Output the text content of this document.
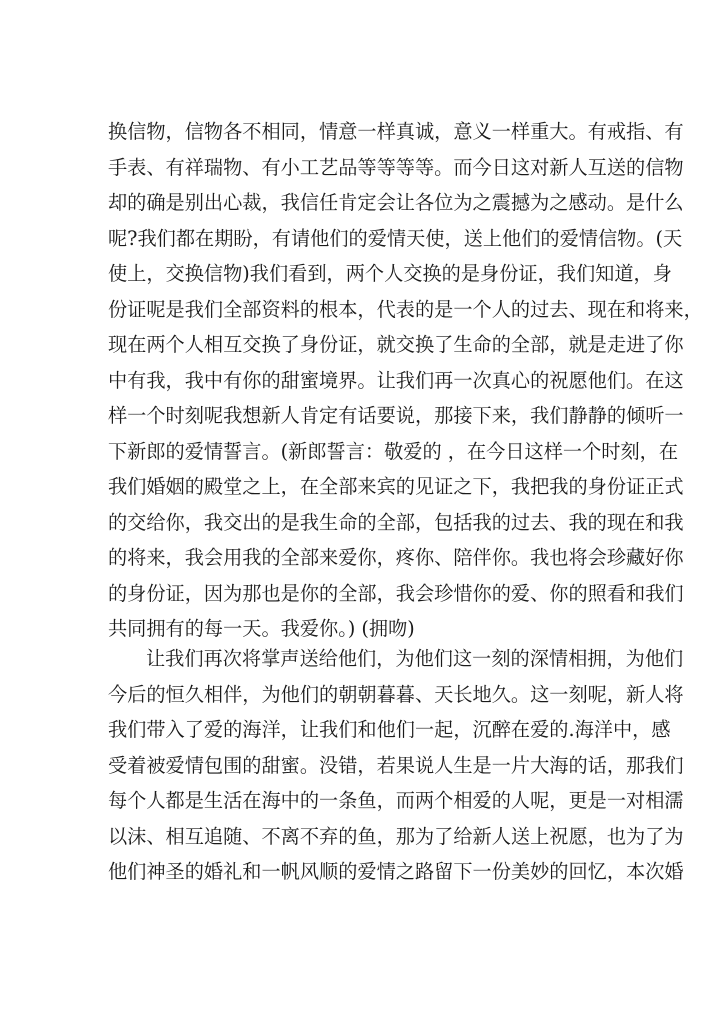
换信物，信物各不相同，情意一样真诚，意义一样重大。有戒指、有
手表、有祥瑞物、有小工艺品等等等等。而今日这对新人互送的信物
却的确是别出心裁，我信任肯定会让各位为之震撼为之感动。是什么
呢?我们都在期盼，有请他们的爱情天使，送上他们的爱情信物。(天
使上，交换信物)我们看到，两个人交换的是身份证，我们知道，身
份证呢是我们全部资料的根本，代表的是一个人的过去、现在和将来，
现在两个人相互交换了身份证，就交换了生命的全部，就是走进了你
中有我，我中有你的甜蜜境界。让我们再一次真心的祝愿他们。在这
样一个时刻呢我想新人肯定有话要说，那接下来，我们静静的倾听一
下新郎的爱情誓言。(新郎誓言：敬爱的 ，在今日这样一个时刻，在
我们婚姻的殿堂之上，在全部来宾的见证之下，我把我的身份证正式
的交给你，我交出的是我生命的全部，包括我的过去、我的现在和我
的将来，我会用我的全部来爱你，疼你、陪伴你。我也将会珍藏好你
的身份证，因为那也是你的全部，我会珍惜你的爱、你的照看和我们
共同拥有的每一天。我爱你。) (拥吻)
让我们再次将掌声送给他们，为他们这一刻的深情相拥，为他们
今后的恒久相伴，为他们的朝朝暮暮、天长地久。这一刻呢，新人将
我们带入了爱的海洋，让我们和他们一起，沉醉在爱的.海洋中，感
受着被爱情包围的甜蜜。没错，若果说人生是一片大海的话，那我们
每个人都是生活在海中的一条鱼，而两个相爱的人呢，更是一对相濡
以沫、相互追随、不离不弃的鱼，那为了给新人送上祝愿，也为了为
他们神圣的婚礼和一帆风顺的爱情之路留下一份美妙的回忆，本次婚
